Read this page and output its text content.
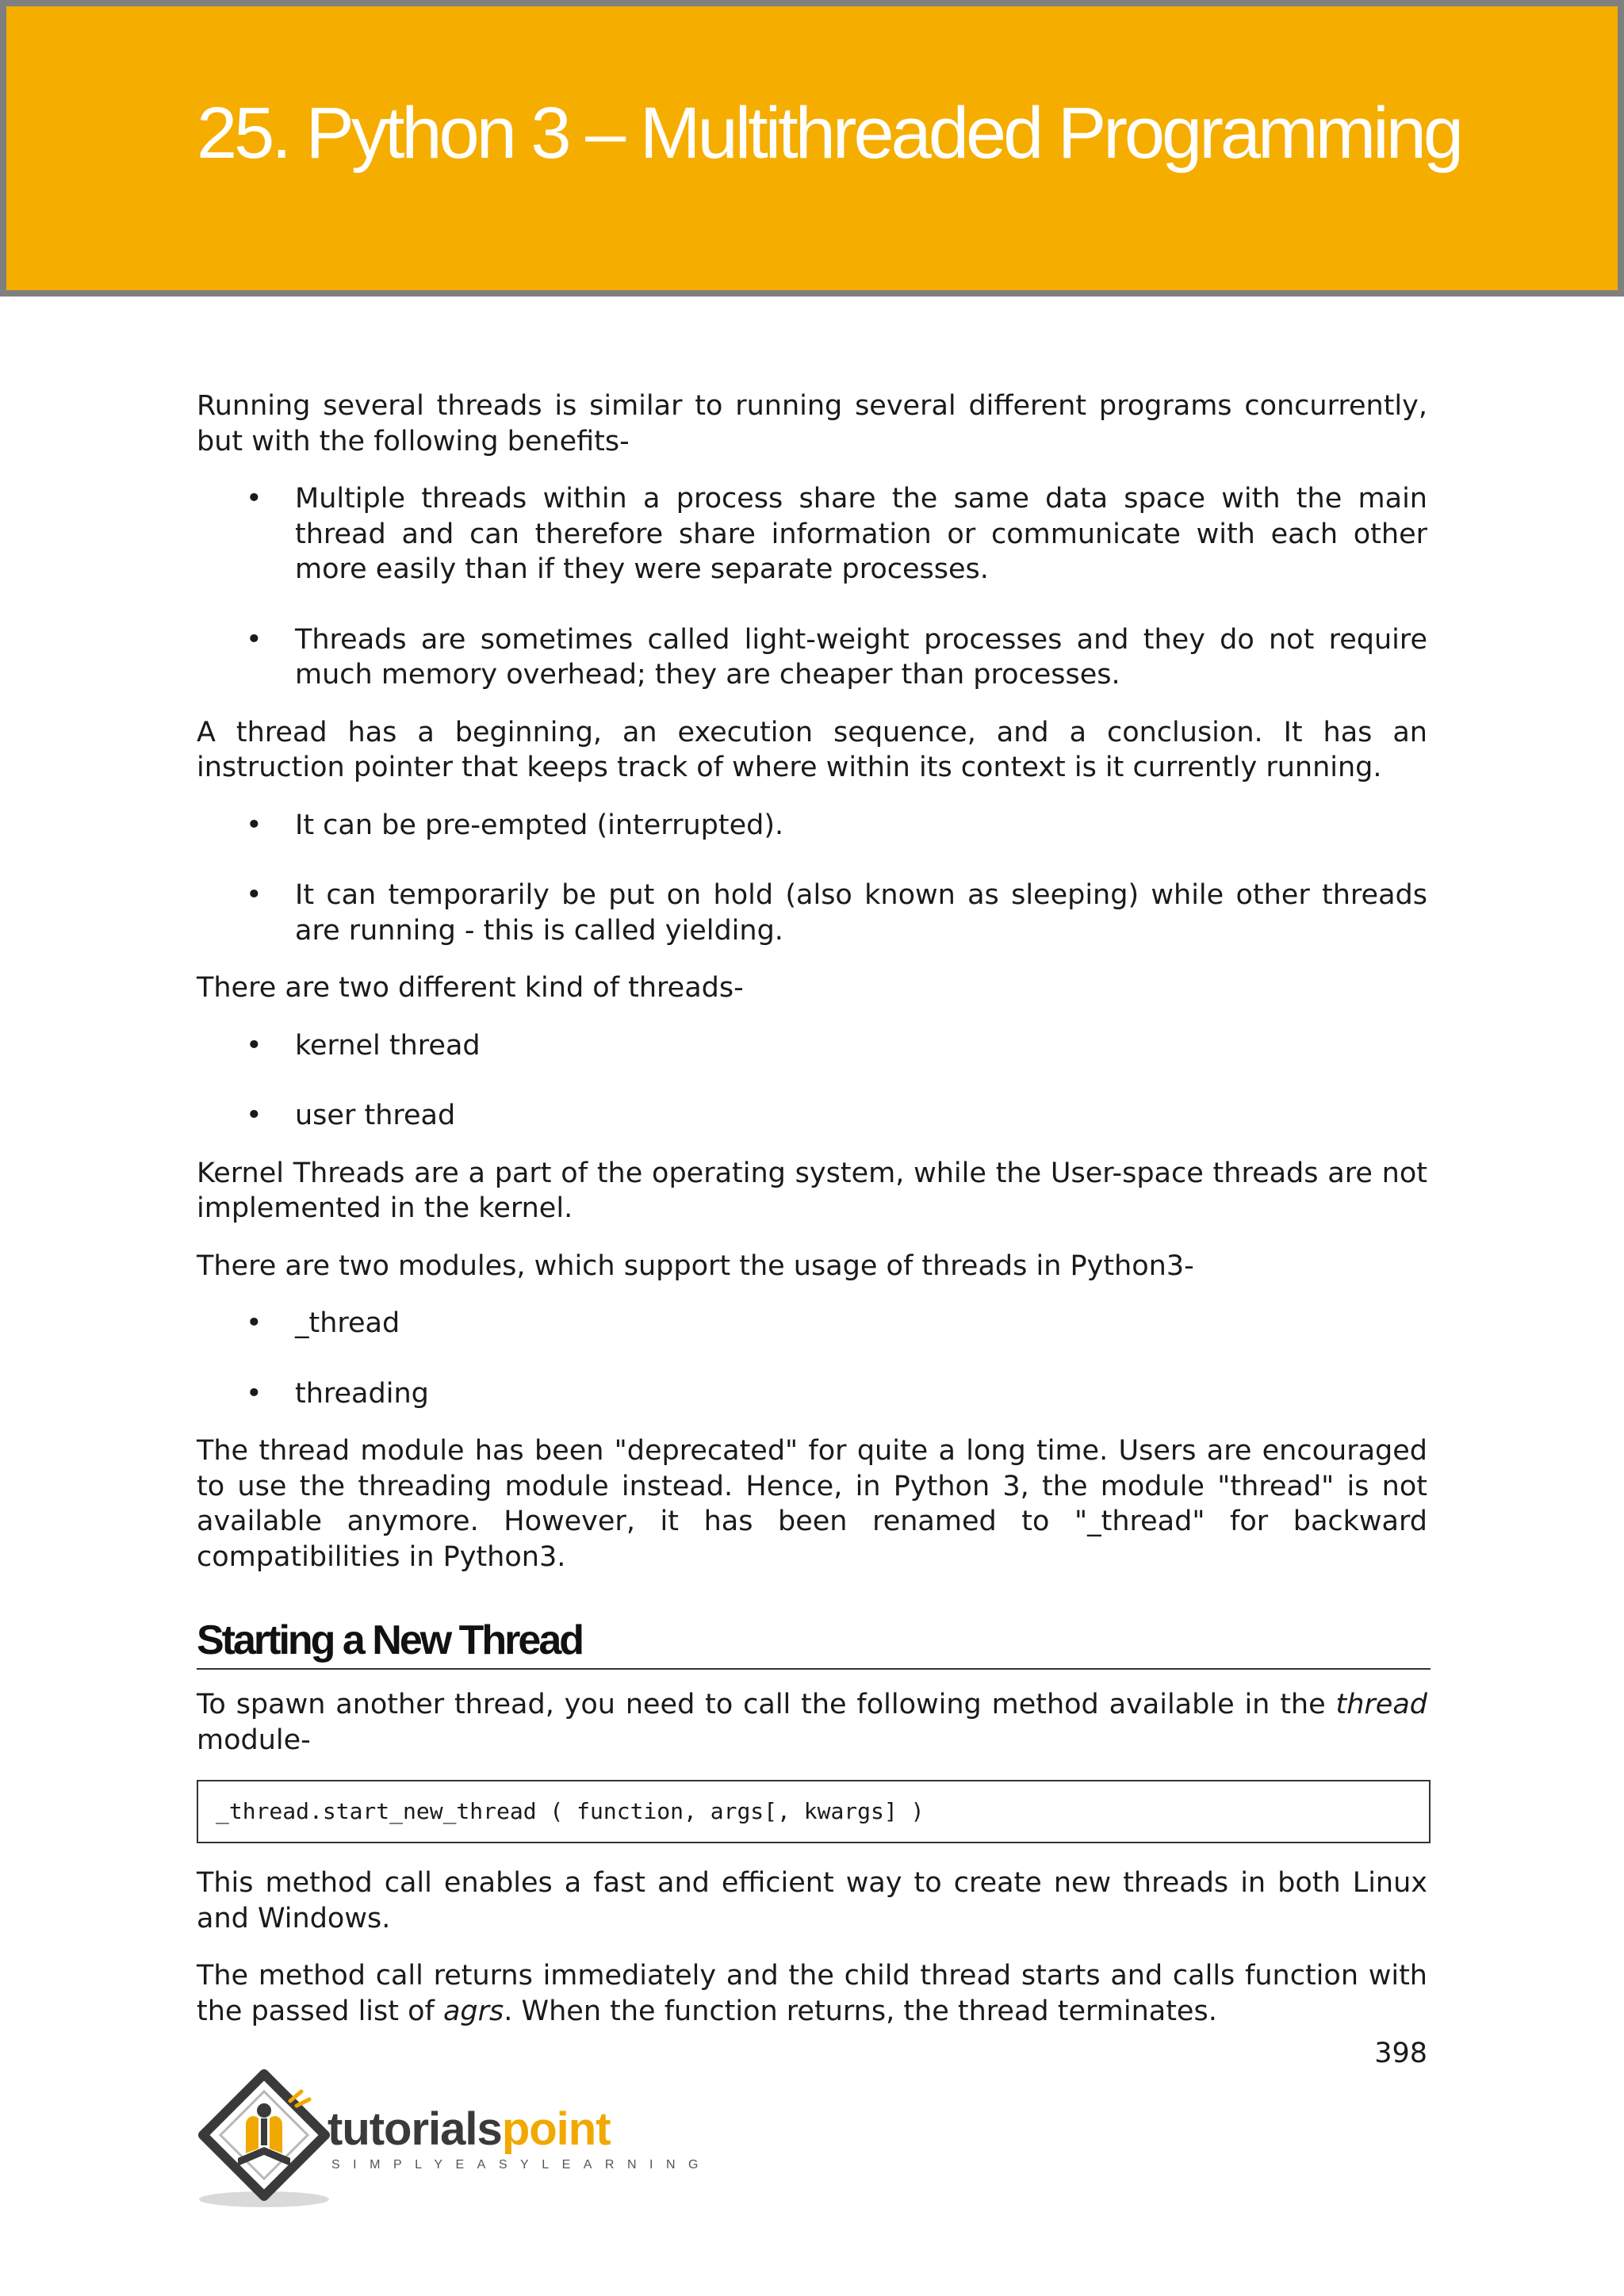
25. Python 3 – Multithreaded Programming

Running several threads is similar to running several different programs concurrently, but with the following benefits-

• Multiple threads within a process share the same data space with the main thread and can therefore share information or communicate with each other more easily than if they were separate processes.
• Threads are sometimes called light-weight processes and they do not require much memory overhead; they are cheaper than processes.

A thread has a beginning, an execution sequence, and a conclusion. It has an instruction pointer that keeps track of where within its context is it currently running.

• It can be pre-empted (interrupted).
• It can temporarily be put on hold (also known as sleeping) while other threads are running - this is called yielding.

There are two different kind of threads-

• kernel thread
• user thread

Kernel Threads are a part of the operating system, while the User-space threads are not implemented in the kernel.

There are two modules, which support the usage of threads in Python3-

• _thread
• threading

The thread module has been "deprecated" for quite a long time. Users are encouraged to use the threading module instead. Hence, in Python 3, the module "thread" is not available anymore. However, it has been renamed to "_thread" for backward compatibilities in Python3.

Starting a New Thread

To spawn another thread, you need to call the following method available in the thread module-

_thread.start_new_thread ( function, args[, kwargs] )

This method call enables a fast and efficient way to create new threads in both Linux and Windows.

The method call returns immediately and the child thread starts and calls function with the passed list of agrs. When the function returns, the thread terminates.

398
tutorialspoint
SIMPLYEASYLEARNING
